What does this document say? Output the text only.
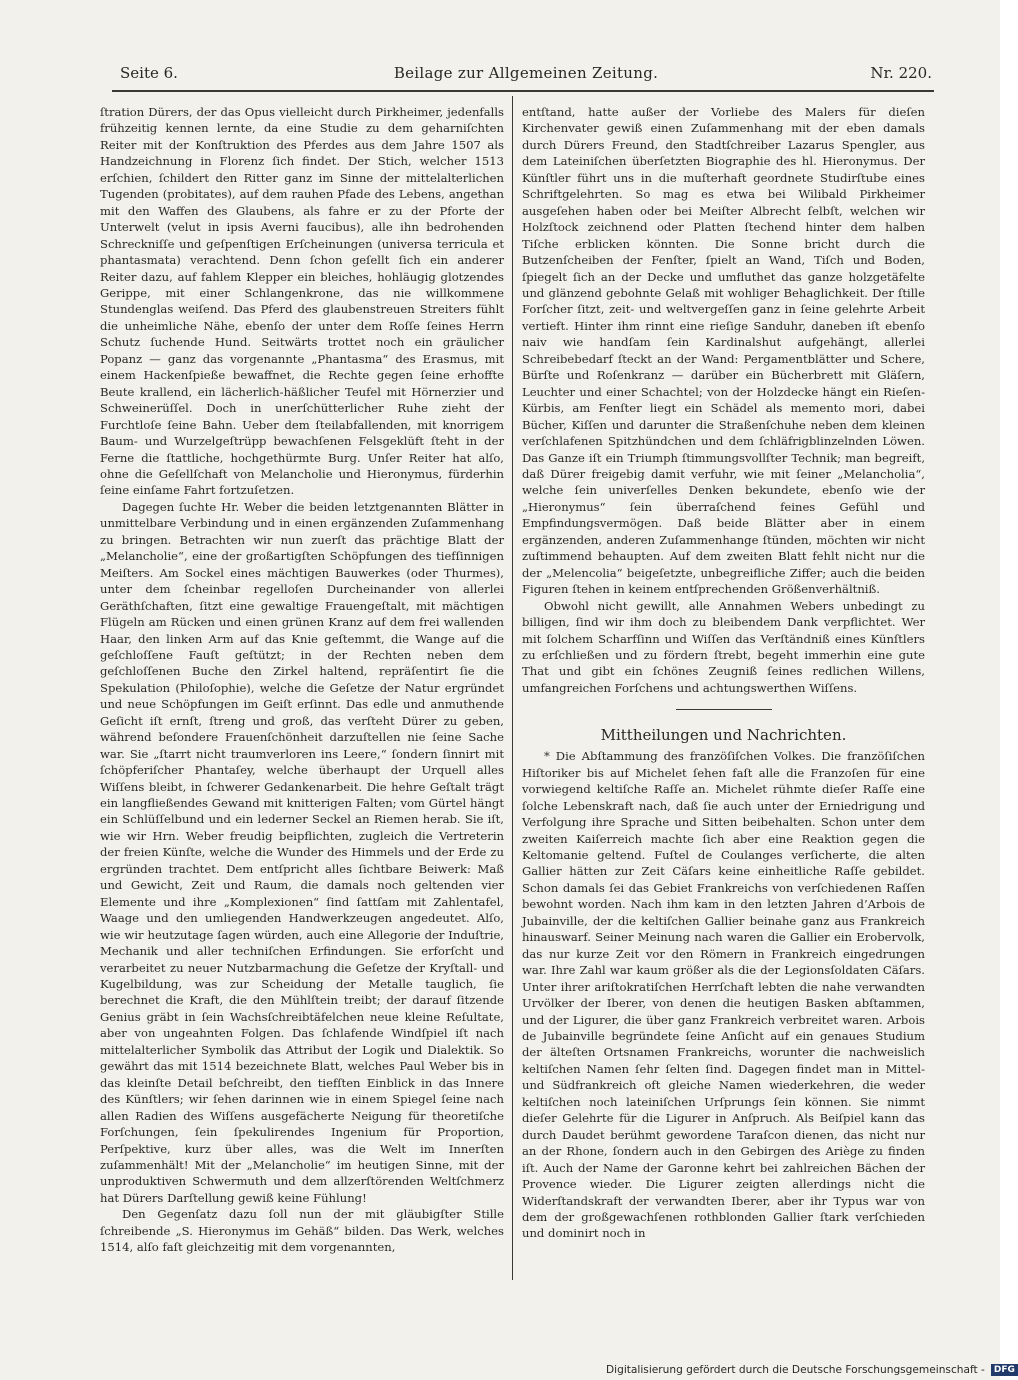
Seite 6.	Beilage zur Allgemeinen Zeitung.	Nr. 220.

ſtration Dürers, der das Opus vielleicht durch Pirkheimer, jedenfalls frühzeitig kennen lernte, da eine Studie zu dem geharniſchten Reiter mit der Konſtruktion des Pferdes aus dem Jahre 1507 als Handzeichnung in Florenz ſich findet. Der Stich, welcher 1513 erſchien, ſchildert den Ritter ganz im Sinne der mittelalterlichen Tugenden (probitates), auf dem rauhen Pfade des Lebens, angethan mit den Waffen des Glaubens, als fahre er zu der Pforte der Unterwelt (velut in ipsis Averni faucibus), alle ihn bedrohenden Schreckniſſe und geſpenſtigen Erſcheinungen (universa terricula et phantasmata) verachtend. Denn ſchon geſellt ſich ein anderer Reiter dazu, auf fahlem Klepper ein bleiches, hohläugig glotzendes Gerippe, mit einer Schlangenkrone, das nie willkommene Stundenglas weiſend. Das Pferd des glaubenstreuen Streiters fühlt die unheimliche Nähe, ebenſo der unter dem Roſſe ſeines Herrn Schutz ſuchende Hund. Seitwärts trottet noch ein gräulicher Popanz — ganz das vorgenannte „Phantasma“ des Erasmus, mit einem Hackenſpieße bewaffnet, die Rechte gegen ſeine erhoffte Beute krallend, ein lächerlich-häßlicher Teufel mit Hörnerzier und Schweinerüſſel. Doch in unerſchütterlicher Ruhe zieht der Furchtloſe ſeine Bahn. Ueber dem ſteilabfallenden, mit knorrigem Baum- und Wurzelgeſtrüpp bewachſenen Felsgeklüft ſteht in der Ferne die ſtattliche, hochgethürmte Burg. Unſer Reiter hat alſo, ohne die Geſellſchaft von Melancholie und Hieronymus, fürderhin ſeine einſame Fahrt fortzuſetzen.

Dagegen ſuchte Hr. Weber die beiden letztgenannten Blätter in unmittelbare Verbindung und in einen ergänzenden Zuſammenhang zu bringen. Betrachten wir nun zuerſt das prächtige Blatt der „Melancholie“, eine der großartigſten Schöpfungen des tiefſinnigen Meiſters. Am Sockel eines mächtigen Bauwerkes (oder Thurmes), unter dem ſcheinbar regelloſen Durcheinander von allerlei Geräthſchaften, ſitzt eine gewaltige Frauengeſtalt, mit mächtigen Flügeln am Rücken und einen grünen Kranz auf dem frei wallenden Haar, den linken Arm auf das Knie geſtemmt, die Wange auf die geſchloſſene Fauſt geſtützt; in der Rechten neben dem geſchloſſenen Buche den Zirkel haltend, repräſentirt ſie die Spekulation (Philoſophie), welche die Geſetze der Natur ergründet und neue Schöpfungen im Geiſt erſinnt. Das edle und anmuthende Geſicht iſt ernſt, ſtreng und groß, das verſteht Dürer zu geben, während beſondere Frauenſchönheit darzuſtellen nie ſeine Sache war. Sie „ſtarrt nicht traumverloren ins Leere,“ ſondern ſinnirt mit ſchöpferiſcher Phantaſey, welche überhaupt der Urquell alles Wiſſens bleibt, in ſchwerer Gedankenarbeit. Die hehre Geſtalt trägt ein langfließendes Gewand mit knitterigen Falten; vom Gürtel hängt ein Schlüſſelbund und ein lederner Seckel an Riemen herab. Sie iſt, wie wir Hrn. Weber freudig beipflichten, zugleich die Vertreterin der freien Künſte, welche die Wunder des Himmels und der Erde zu ergründen trachtet. Dem entſpricht alles ſichtbare Beiwerk: Maß und Gewicht, Zeit und Raum, die damals noch geltenden vier Elemente und ihre „Komplexionen“ ſind ſattſam mit Zahlentafel, Waage und den umliegenden Handwerkzeugen angedeutet. Alſo, wie wir heutzutage ſagen würden, auch eine Allegorie der Induſtrie, Mechanik und aller techniſchen Erfindungen. Sie erforſcht und verarbeitet zu neuer Nutzbarmachung die Geſetze der Kryſtall- und Kugelbildung, was zur Scheidung der Metalle tauglich, ſie berechnet die Kraft, die den Mühlſtein treibt; der darauf ſitzende Genius gräbt in ſein Wachsſchreibtäfelchen neue kleine Reſultate, aber von ungeahnten Folgen. Das ſchlafende Windſpiel iſt nach mittelalterlicher Symbolik das Attribut der Logik und Dialektik. So gewährt das mit 1514 bezeichnete Blatt, welches Paul Weber bis in das kleinſte Detail beſchreibt, den tiefſten Einblick in das Innere des Künſtlers; wir ſehen darinnen wie in einem Spiegel ſeine nach allen Radien des Wiſſens ausgefächerte Neigung für theoretiſche Forſchungen, ſein ſpekulirendes Ingenium für Proportion, Perſpektive, kurz über alles, was die Welt im Innerſten zuſammenhält! Mit der „Melancholie“ im heutigen Sinne, mit der unproduktiven Schwermuth und dem allzerſtörenden Weltſchmerz hat Dürers Darſtellung gewiß keine Fühlung!

Den Gegenſatz dazu ſoll nun der mit gläubigſter Stille ſchreibende „S. Hieronymus im Gehäß“ bilden. Das Werk, welches 1514, alſo faſt gleichzeitig mit dem vorgenannten,

entſtand, hatte außer der Vorliebe des Malers für dieſen Kirchenvater gewiß einen Zuſammenhang mit der eben damals durch Dürers Freund, den Stadtſchreiber Lazarus Spengler, aus dem Lateiniſchen überſetzten Biographie des hl. Hieronymus. Der Künſtler führt uns in die muſterhaft geordnete Studirſtube eines Schriftgelehrten. So mag es etwa bei Wilibald Pirkheimer ausgeſehen haben oder bei Meiſter Albrecht ſelbſt, welchen wir Holzſtock zeichnend oder Platten ſtechend hinter dem halben Tiſche erblicken könnten. Die Sonne bricht durch die Butzenſcheiben der Fenſter, ſpielt an Wand, Tiſch und Boden, ſpiegelt ſich an der Decke und umfluthet das ganze holzgetäfelte und glänzend gebohnte Gelaß mit wohliger Behaglichkeit. Der ſtille Forſcher ſitzt, zeit- und weltvergeſſen ganz in ſeine gelehrte Arbeit vertieft. Hinter ihm rinnt eine rieſige Sanduhr, daneben iſt ebenſo naiv wie handſam ſein Kardinalshut aufgehängt, allerlei Schreibebedarf ſteckt an der Wand: Pergamentblätter und Schere, Bürſte und Roſenkranz — darüber ein Bücherbrett mit Gläſern, Leuchter und einer Schachtel; von der Holzdecke hängt ein Rieſen-Kürbis, am Fenſter liegt ein Schädel als memento mori, dabei Bücher, Kiſſen und darunter die Straßenſchuhe neben dem kleinen verſchlafenen Spitzhündchen und dem ſchläfrigblinzelnden Löwen. Das Ganze iſt ein Triumph ſtimmungsvollſter Technik; man begreift, daß Dürer freigebig damit verfuhr, wie mit ſeiner „Melancholia“, welche ſein univerſelles Denken bekundete, ebenſo wie der „Hieronymus“ ſein überraſchend feines Gefühl und Empfindungsvermögen. Daß beide Blätter aber in einem ergänzenden, anderen Zuſammenhange ſtünden, möchten wir nicht zuſtimmend behaupten. Auf dem zweiten Blatt fehlt nicht nur die der „Melencolia“ beigeſetzte, unbegreifliche Ziffer; auch die beiden Figuren ſtehen in keinem entſprechenden Größenverhältniß.

Obwohl nicht gewillt, alle Annahmen Webers unbedingt zu billigen, ſind wir ihm doch zu bleibendem Dank verpflichtet. Wer mit ſolchem Scharfſinn und Wiſſen das Verſtändniß eines Künſtlers zu erſchließen und zu fördern ſtrebt, begeht immerhin eine gute That und gibt ein ſchönes Zeugniß ſeines redlichen Willens, umfangreichen Forſchens und achtungswerthen Wiſſens.

Mittheilungen und Nachrichten.

* Die Abſtammung des franzöſiſchen Volkes. Die franzöſiſchen Hiſtoriker bis auf Michelet ſehen faſt alle die Franzoſen für eine vorwiegend keltiſche Raſſe an. Michelet rühmte dieſer Raſſe eine ſolche Lebenskraft nach, daß ſie auch unter der Erniedrigung und Verfolgung ihre Sprache und Sitten beibehalten. Schon unter dem zweiten Kaiſerreich machte ſich aber eine Reaktion gegen die Keltomanie geltend. Fuſtel de Coulanges verſicherte, die alten Gallier hätten zur Zeit Cäſars keine einheitliche Raſſe gebildet. Schon damals ſei das Gebiet Frankreichs von verſchiedenen Raſſen bewohnt worden. Nach ihm kam in den letzten Jahren d’Arbois de Jubainville, der die keltiſchen Gallier beinahe ganz aus Frankreich hinauswarf. Seiner Meinung nach waren die Gallier ein Erobervolk, das nur kurze Zeit vor den Römern in Frankreich eingedrungen war. Ihre Zahl war kaum größer als die der Legionsſoldaten Cäſars. Unter ihrer ariſtokratiſchen Herrſchaft lebten die nahe verwandten Urvölker der Iberer, von denen die heutigen Basken abſtammen, und der Ligurer, die über ganz Frankreich verbreitet waren. Arbois de Jubainville begründete ſeine Anſicht auf ein genaues Studium der älteſten Ortsnamen Frankreichs, worunter die nachweislich keltiſchen Namen ſehr ſelten ſind. Dagegen findet man in Mittel- und Südfrankreich oft gleiche Namen wiederkehren, die weder keltiſchen noch lateiniſchen Urſprungs ſein können. Sie nimmt dieſer Gelehrte für die Ligurer in Anſpruch. Als Beiſpiel kann das durch Daudet berühmt gewordene Taraſcon dienen, das nicht nur an der Rhone, ſondern auch in den Gebirgen des Ariège zu finden iſt. Auch der Name der Garonne kehrt bei zahlreichen Bächen der Provence wieder. Die Ligurer zeigten allerdings nicht die Widerſtandskraft der verwandten Iberer, aber ihr Typus war von dem der großgewachſenen rothblonden Gallier ſtark verſchieden und dominirt noch in

Digitalisierung gefördert durch die Deutsche Forschungsgemeinschaft - DFG
